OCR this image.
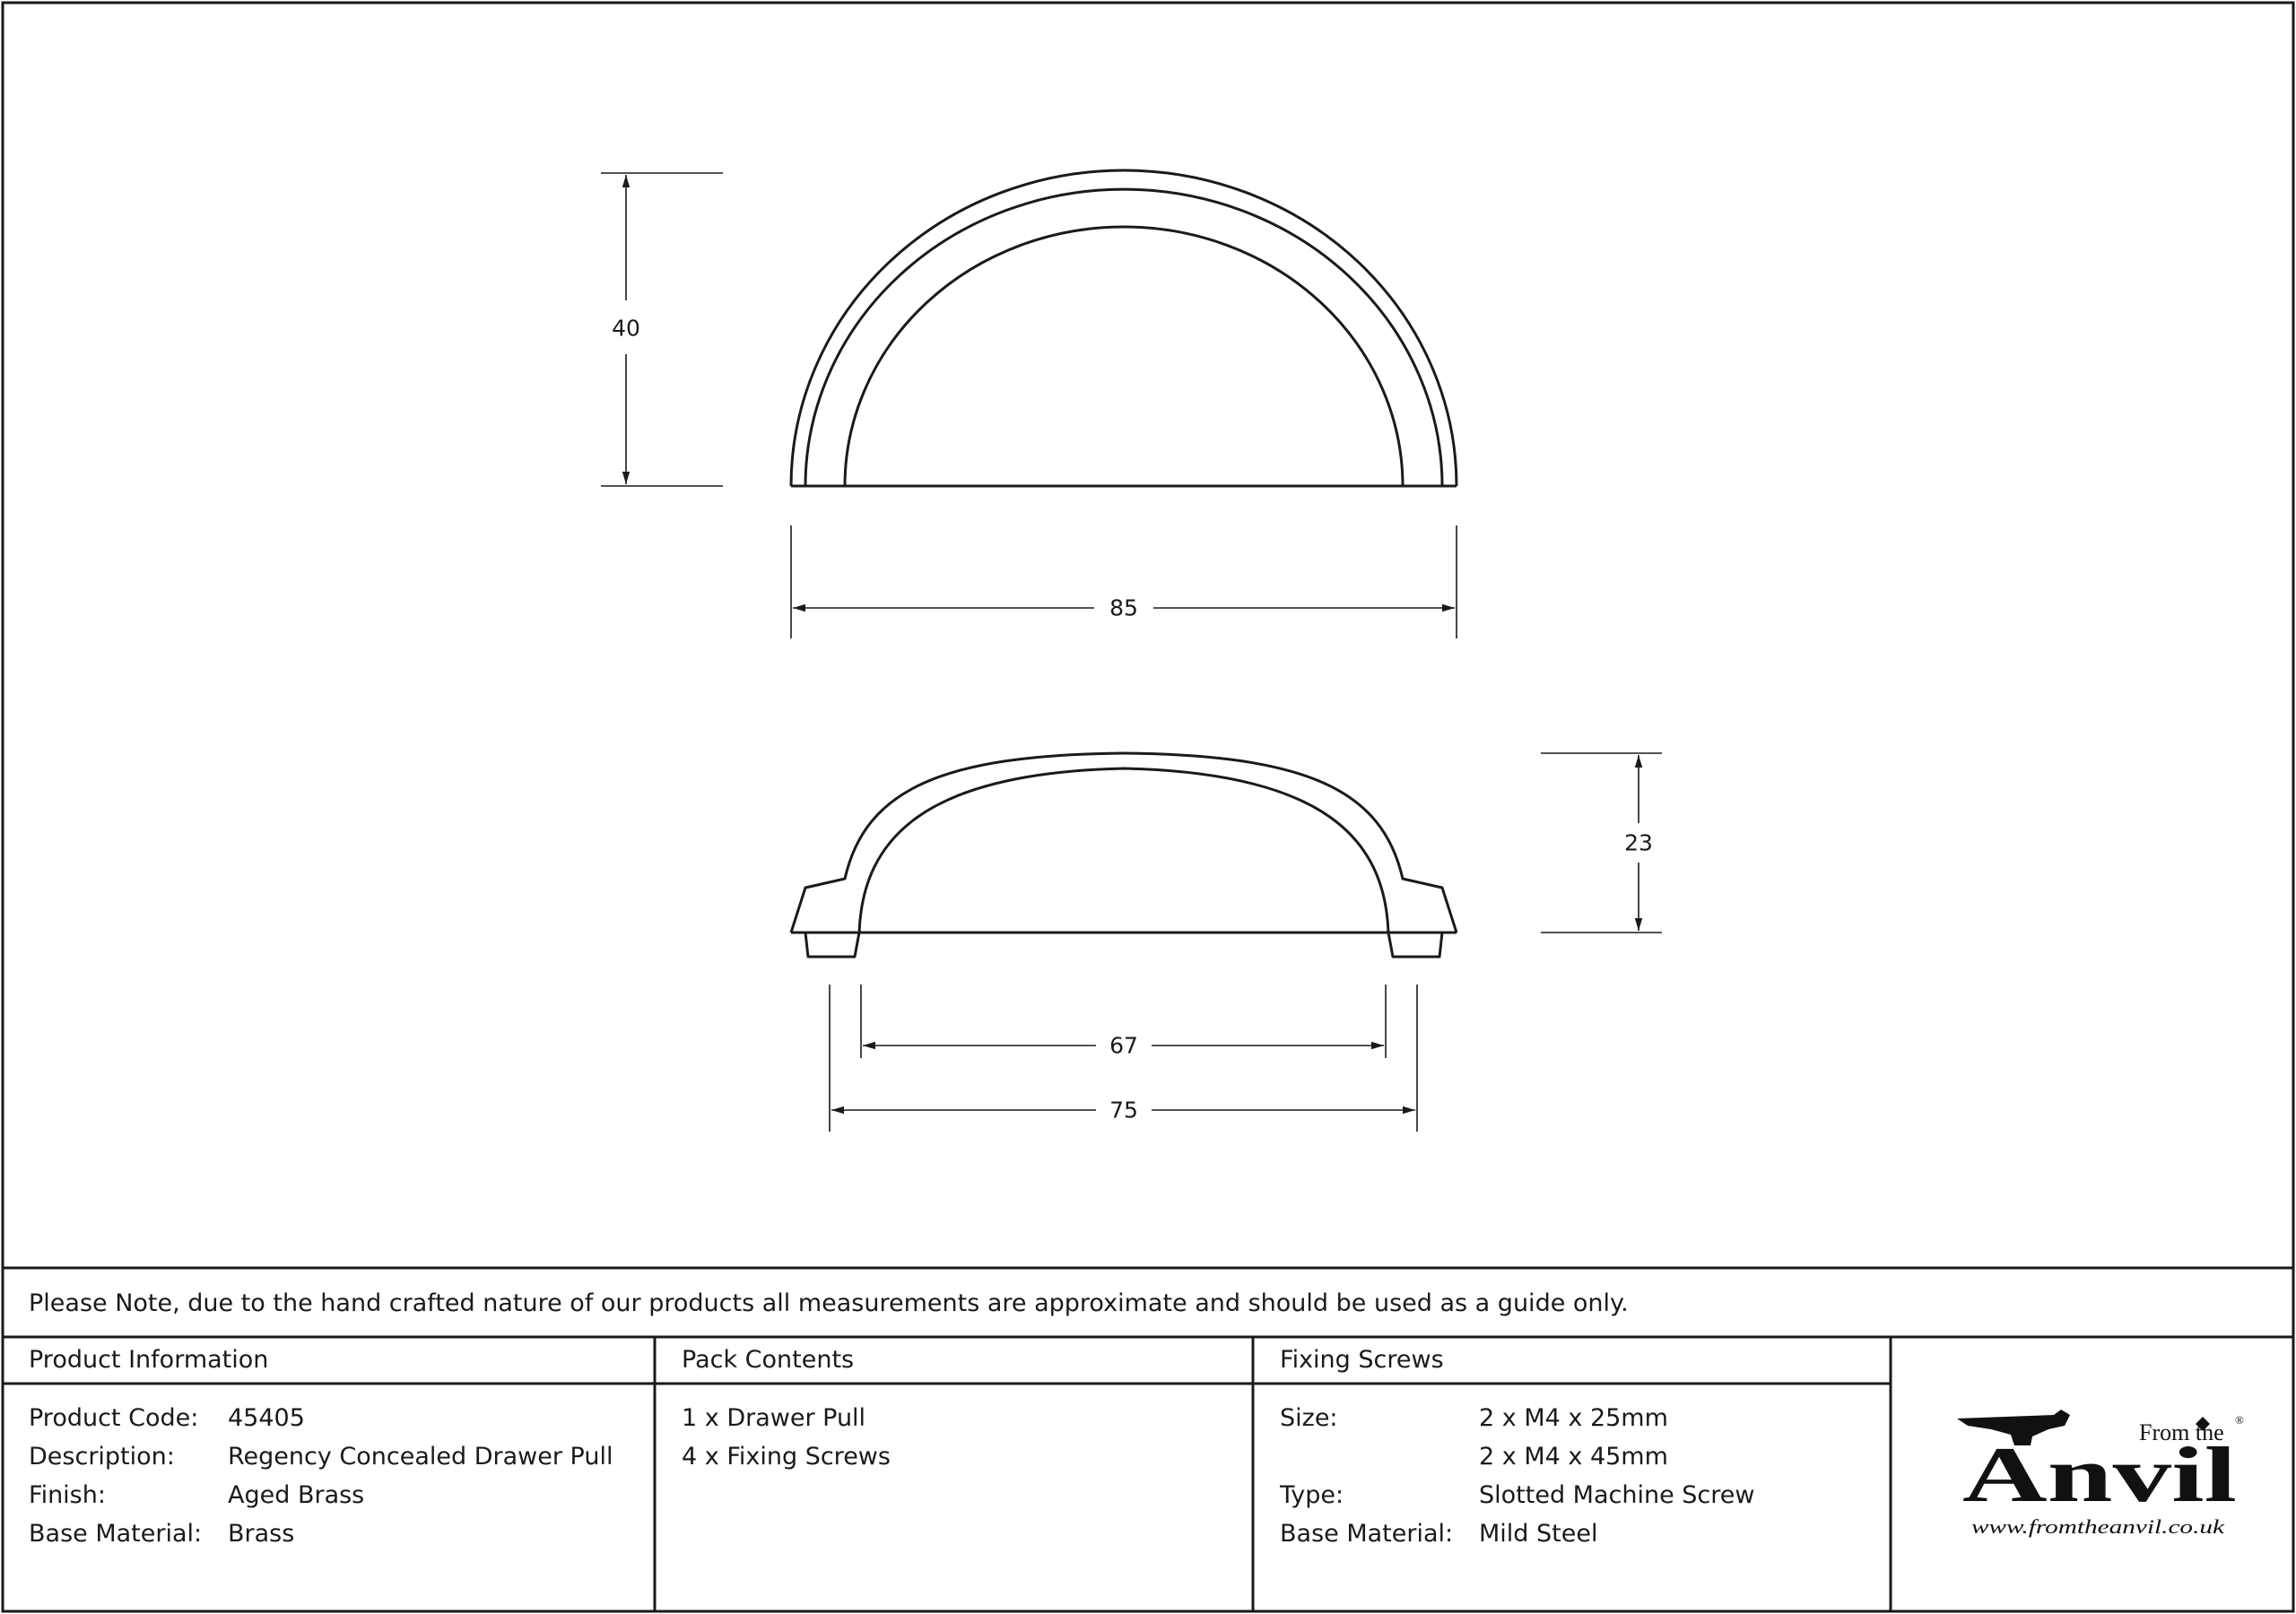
40
85
23
67
75
Please Note, due to the hand crafted nature of our products all measurements are approximate and should be used as a guide only.
Product Information
Product Code: 45405
Description: Regency Concealed Drawer Pull
Finish:	Aged Brass
Base Material: Brass
Pack Contents
1 x Drawer Pull
4 x Fixing Screws
Fixing Screws
Size:	2 x M4 x 25mm
2 x M4 x 45mm
Type:	Slotted Machine Screw
Base Material: Mild Steel
From the ®
Anvil
www.fromtheanvil.co.uk
